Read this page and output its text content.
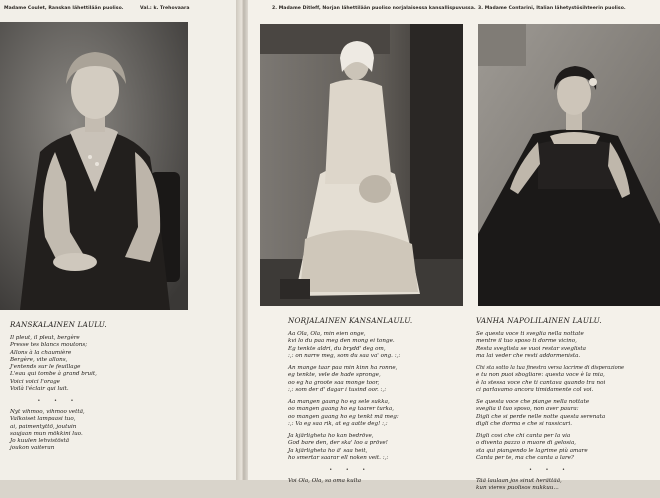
Madame Coulet, Ranskan lähettilään puoliso.	Val.: k. Trehovaara
RANSKALAINEN LAULU.
Il pleut, il pleut, bergère
Presse tes blancs moutons;
Allons à la chaumière
Bergère, vite allons,
J'entends sur le feuillage
L'eau qui tombe à grand bruit,
Voici voici l'orage
Voilà l'éclair qui luit.
• • •
Nyt vihmoo, vihmoo vettä,
Valkoiset lampaasi tuo,
ai, paimentyttö, joutuin
saujaan mun mökkini luo.
Jo kuulen lehvistöstä
joukon vaiteran
2. Madame Ditleff, Norjan lähettilään puoliso norjalaisessa kansallispuvussa. 3. Madame Contarini, Italian lähetystösihteerin puoliso.
NORJALAINEN KANSANLAULU.
Aa Ola, Ola, min eien onge,
kvi lo du paa meg den mong ei tonge.
Eg tenkte aldri, du brydd' deg om,
:,: on narre meg, som du saa va' ong. :,:
An mange taar paa min kinn ha ronne,
eg tenkte, vele de hade spronge,
oo eg ha groote saa monge toor,
:,: som der d' dagar i tusind oor. :,:
Aa mangen gaang ho eg sele sukka,
oo mangen gaang ho eg taarer turka,
oo mangen gaang ho eg tenkt mä meg:
:,: Va eg saa rik, at eg aatte deg! :,:
Ja kjärligheta ho kan bedröve,
God bare den, der ska' loo a pröve!
Ja kjärligheta ho ä' saa heit,
ho smertar saarar ell noken veit. :,:
• • •
Voi Ola, Ola, sa oma kulta
VANHA NAPOLILAINEN LAULU.
Se questa voce ti sveglia nella nottate
mentre il tuo sposo ti dorme vicino,
Resta sveglista se vuoi restar sveglista
ma lai veder che resti addormenista.
Chi sta sotto la tua finestra versa lacrime di disperazione
e tu non puoi sbogliare: questa voce è la mia,
è la stessa voce che ti cantava quando tra noi
ci parlavamo ancora timidamente col voi.
Se questa voce che piange nella nottate
sveglia il tuo sposo, non aver paura:
Digli che si perde nelle notte questa serenata
digli che dorma e che si rassicuri.
Digli cosi che chi canta per la via
o diventa pazzo o muore di gelosia,
sta qui piangendo le lagrime più amare
Canta per te, ma che canta a lare?
• • •
Tää laulaan jos sinut herättää,
kun vieres puolisos nukkuu...
